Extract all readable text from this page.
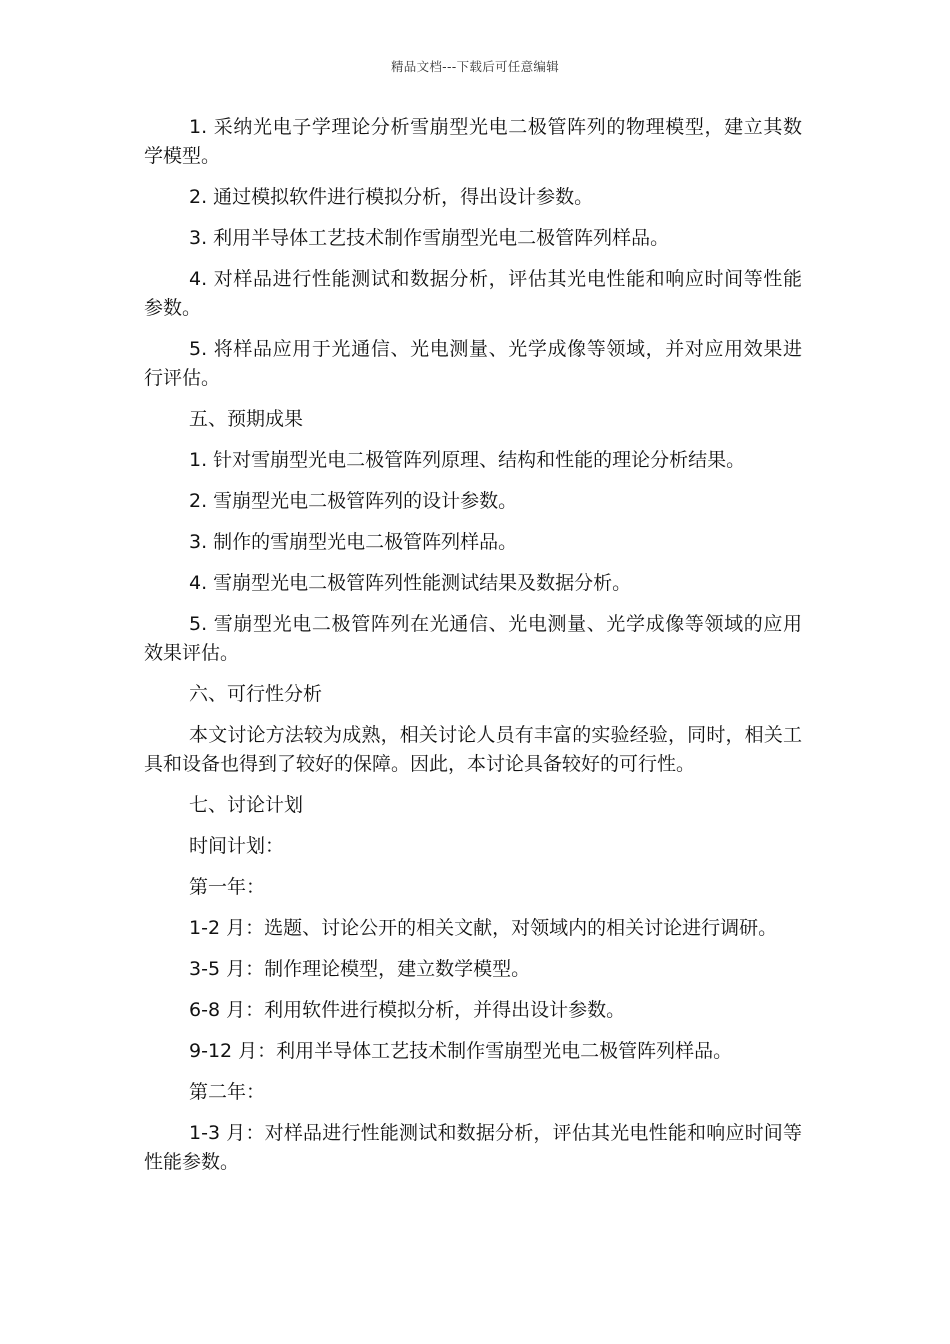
精品文档---下载后可任意编辑

1. 采纳光电子学理论分析雪崩型光电二极管阵列的物理模型，建立其数学模型。

2. 通过模拟软件进行模拟分析，得出设计参数。

3. 利用半导体工艺技术制作雪崩型光电二极管阵列样品。

4. 对样品进行性能测试和数据分析，评估其光电性能和响应时间等性能参数。

5. 将样品应用于光通信、光电测量、光学成像等领域，并对应用效果进行评估。

五、预期成果

1. 针对雪崩型光电二极管阵列原理、结构和性能的理论分析结果。

2. 雪崩型光电二极管阵列的设计参数。

3. 制作的雪崩型光电二极管阵列样品。

4. 雪崩型光电二极管阵列性能测试结果及数据分析。

5. 雪崩型光电二极管阵列在光通信、光电测量、光学成像等领域的应用效果评估。

六、可行性分析

本文讨论方法较为成熟，相关讨论人员有丰富的实验经验，同时，相关工具和设备也得到了较好的保障。因此，本讨论具备较好的可行性。

七、讨论计划

时间计划：

第一年：

1-2 月：选题、讨论公开的相关文献，对领域内的相关讨论进行调研。

3-5 月：制作理论模型，建立数学模型。

6-8 月：利用软件进行模拟分析，并得出设计参数。

9-12 月：利用半导体工艺技术制作雪崩型光电二极管阵列样品。

第二年：

1-3 月：对样品进行性能测试和数据分析，评估其光电性能和响应时间等性能参数。
